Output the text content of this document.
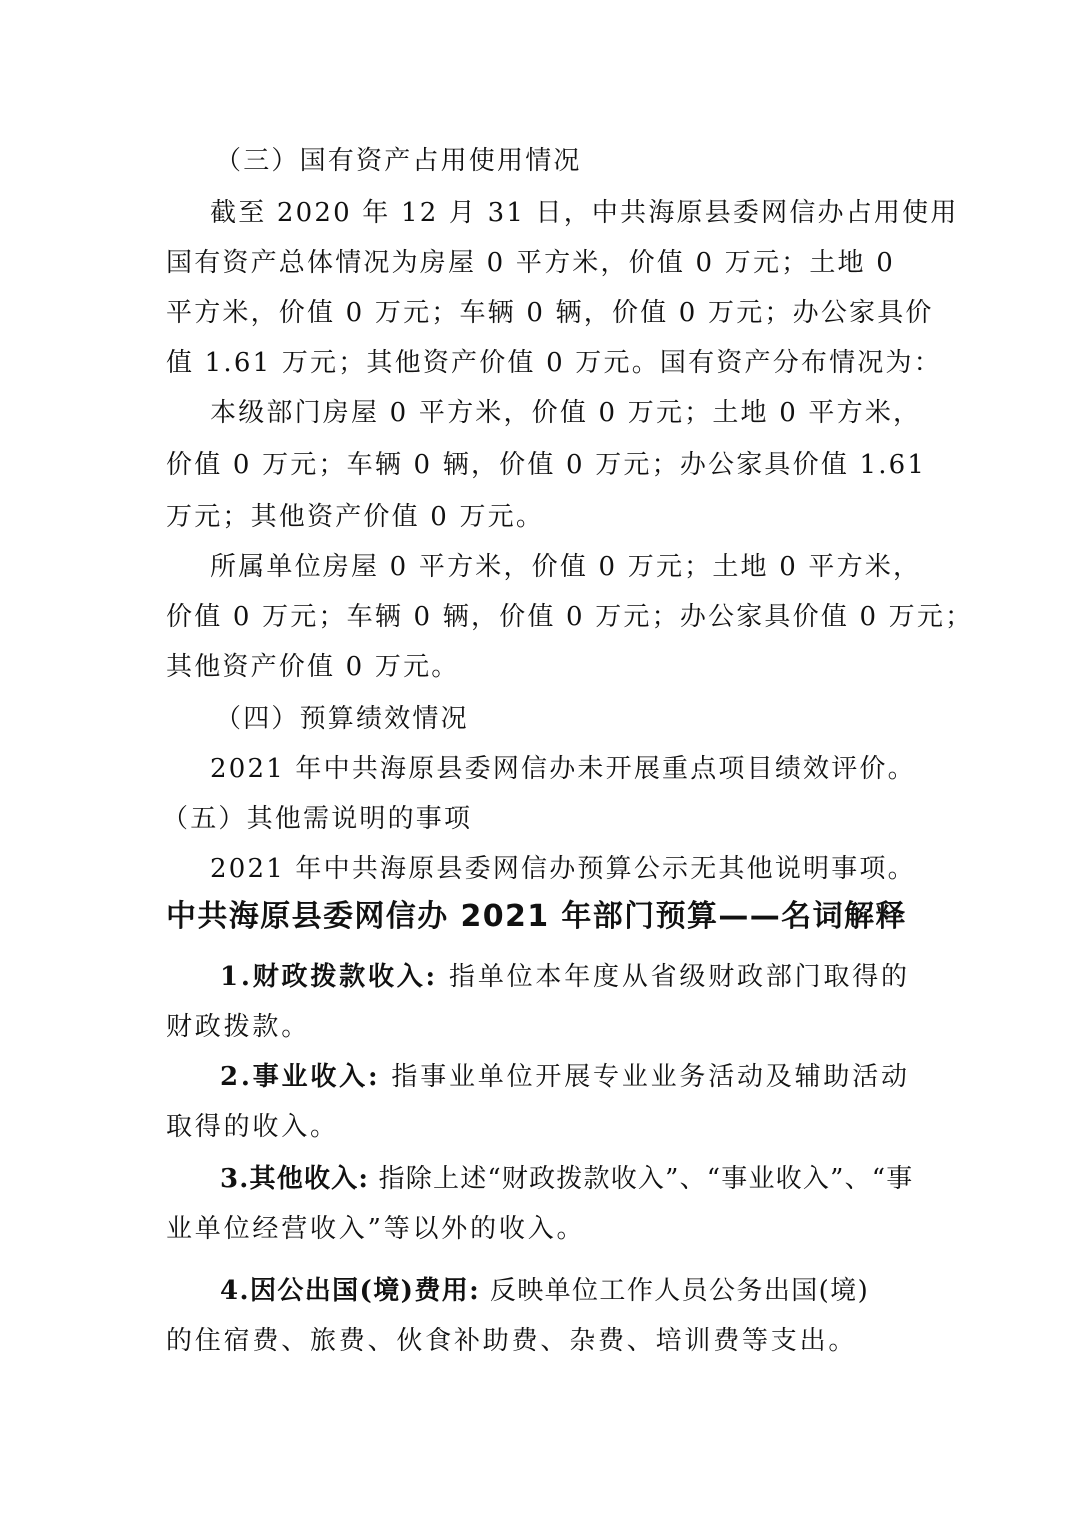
（三）国有资产占用使用情况
截至 2020 年 12 月 31 日，中共海原县委网信办占用使用
国有资产总体情况为房屋 0 平方米，价值 0 万元；土地 0
平方米，价值 0 万元；车辆 0 辆，价值 0 万元；办公家具价
值 1.61 万元；其他资产价值 0 万元。国有资产分布情况为：
本级部门房屋 0 平方米，价值 0 万元；土地 0 平方米，
价值 0 万元；车辆 0 辆，价值 0 万元；办公家具价值 1.61
万元；其他资产价值 0 万元。
所属单位房屋 0 平方米，价值 0 万元；土地 0 平方米，
价值 0 万元；车辆 0 辆，价值 0 万元；办公家具价值 0 万元；
其他资产价值 0 万元。
（四）预算绩效情况
2021 年中共海原县委网信办未开展重点项目绩效评价。
（五）其他需说明的事项
2021 年中共海原县委网信办预算公示无其他说明事项。
中共海原县委网信办 2021 年部门预算——名词解释
1.财政拨款收入: 指单位本年度从省级财政部门取得的
财政拨款。
2.事业收入: 指事业单位开展专业业务活动及辅助活动
取得的收入。
3.其他收入: 指除上述“财政拨款收入”、“事业收入”、“事
业单位经营收入”等以外的收入。
4.因公出国(境)费用: 反映单位工作人员公务出国(境)
的住宿费、旅费、伙食补助费、杂费、培训费等支出。
